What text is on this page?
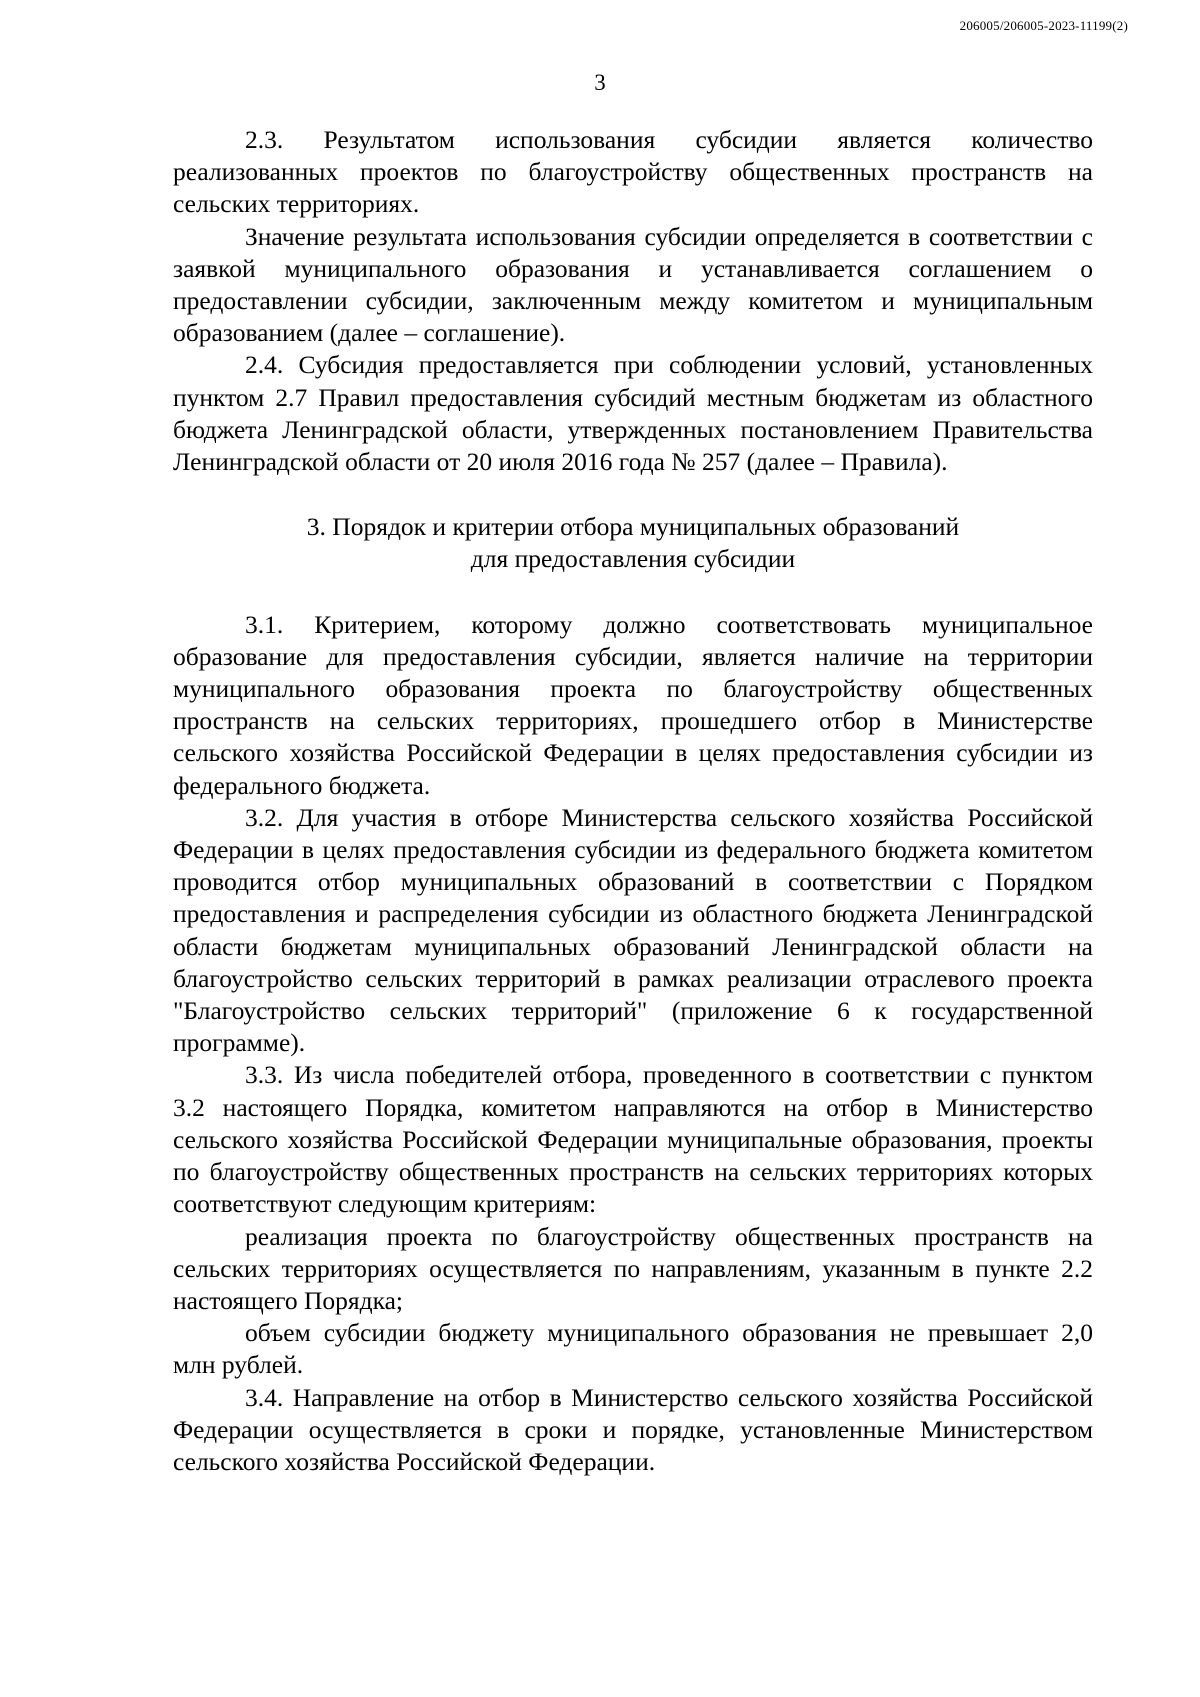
206005/206005-2023-11199(2)
3

2.3. Результатом использования субсидии является количество реализованных проектов по благоустройству общественных пространств на сельских территориях.

Значение результата использования субсидии определяется в соответствии с заявкой муниципального образования и устанавливается соглашением о предоставлении субсидии, заключенным между комитетом и муниципальным образованием (далее – соглашение).

2.4. Субсидия предоставляется при соблюдении условий, установленных пунктом 2.7 Правил предоставления субсидий местным бюджетам из областного бюджета Ленинградской области, утвержденных постановлением Правительства Ленинградской области от 20 июля 2016 года № 257 (далее – Правила).

3. Порядок и критерии отбора муниципальных образований
для предоставления субсидии

3.1. Критерием, которому должно соответствовать муниципальное образование для предоставления субсидии, является наличие на территории муниципального образования проекта по благоустройству общественных пространств на сельских территориях, прошедшего отбор в Министерстве сельского хозяйства Российской Федерации в целях предоставления субсидии из федерального бюджета.

3.2. Для участия в отборе Министерства сельского хозяйства Российской Федерации в целях предоставления субсидии из федерального бюджета комитетом проводится отбор муниципальных образований в соответствии с Порядком предоставления и распределения субсидии из областного бюджета Ленинградской области бюджетам муниципальных образований Ленинградской области на благоустройство сельских территорий в рамках реализации отраслевого проекта "Благоустройство сельских территорий" (приложение 6 к государственной программе).

3.3. Из числа победителей отбора, проведенного в соответствии с пунктом 3.2 настоящего Порядка, комитетом направляются на отбор в Министерство сельского хозяйства Российской Федерации муниципальные образования, проекты по благоустройству общественных пространств на сельских территориях которых соответствуют следующим критериям:

реализация проекта по благоустройству общественных пространств на сельских территориях осуществляется по направлениям, указанным в пункте 2.2 настоящего Порядка;

объем субсидии бюджету муниципального образования не превышает 2,0 млн рублей.

3.4. Направление на отбор в Министерство сельского хозяйства Российской Федерации осуществляется в сроки и порядке, установленные Министерством сельского хозяйства Российской Федерации.
